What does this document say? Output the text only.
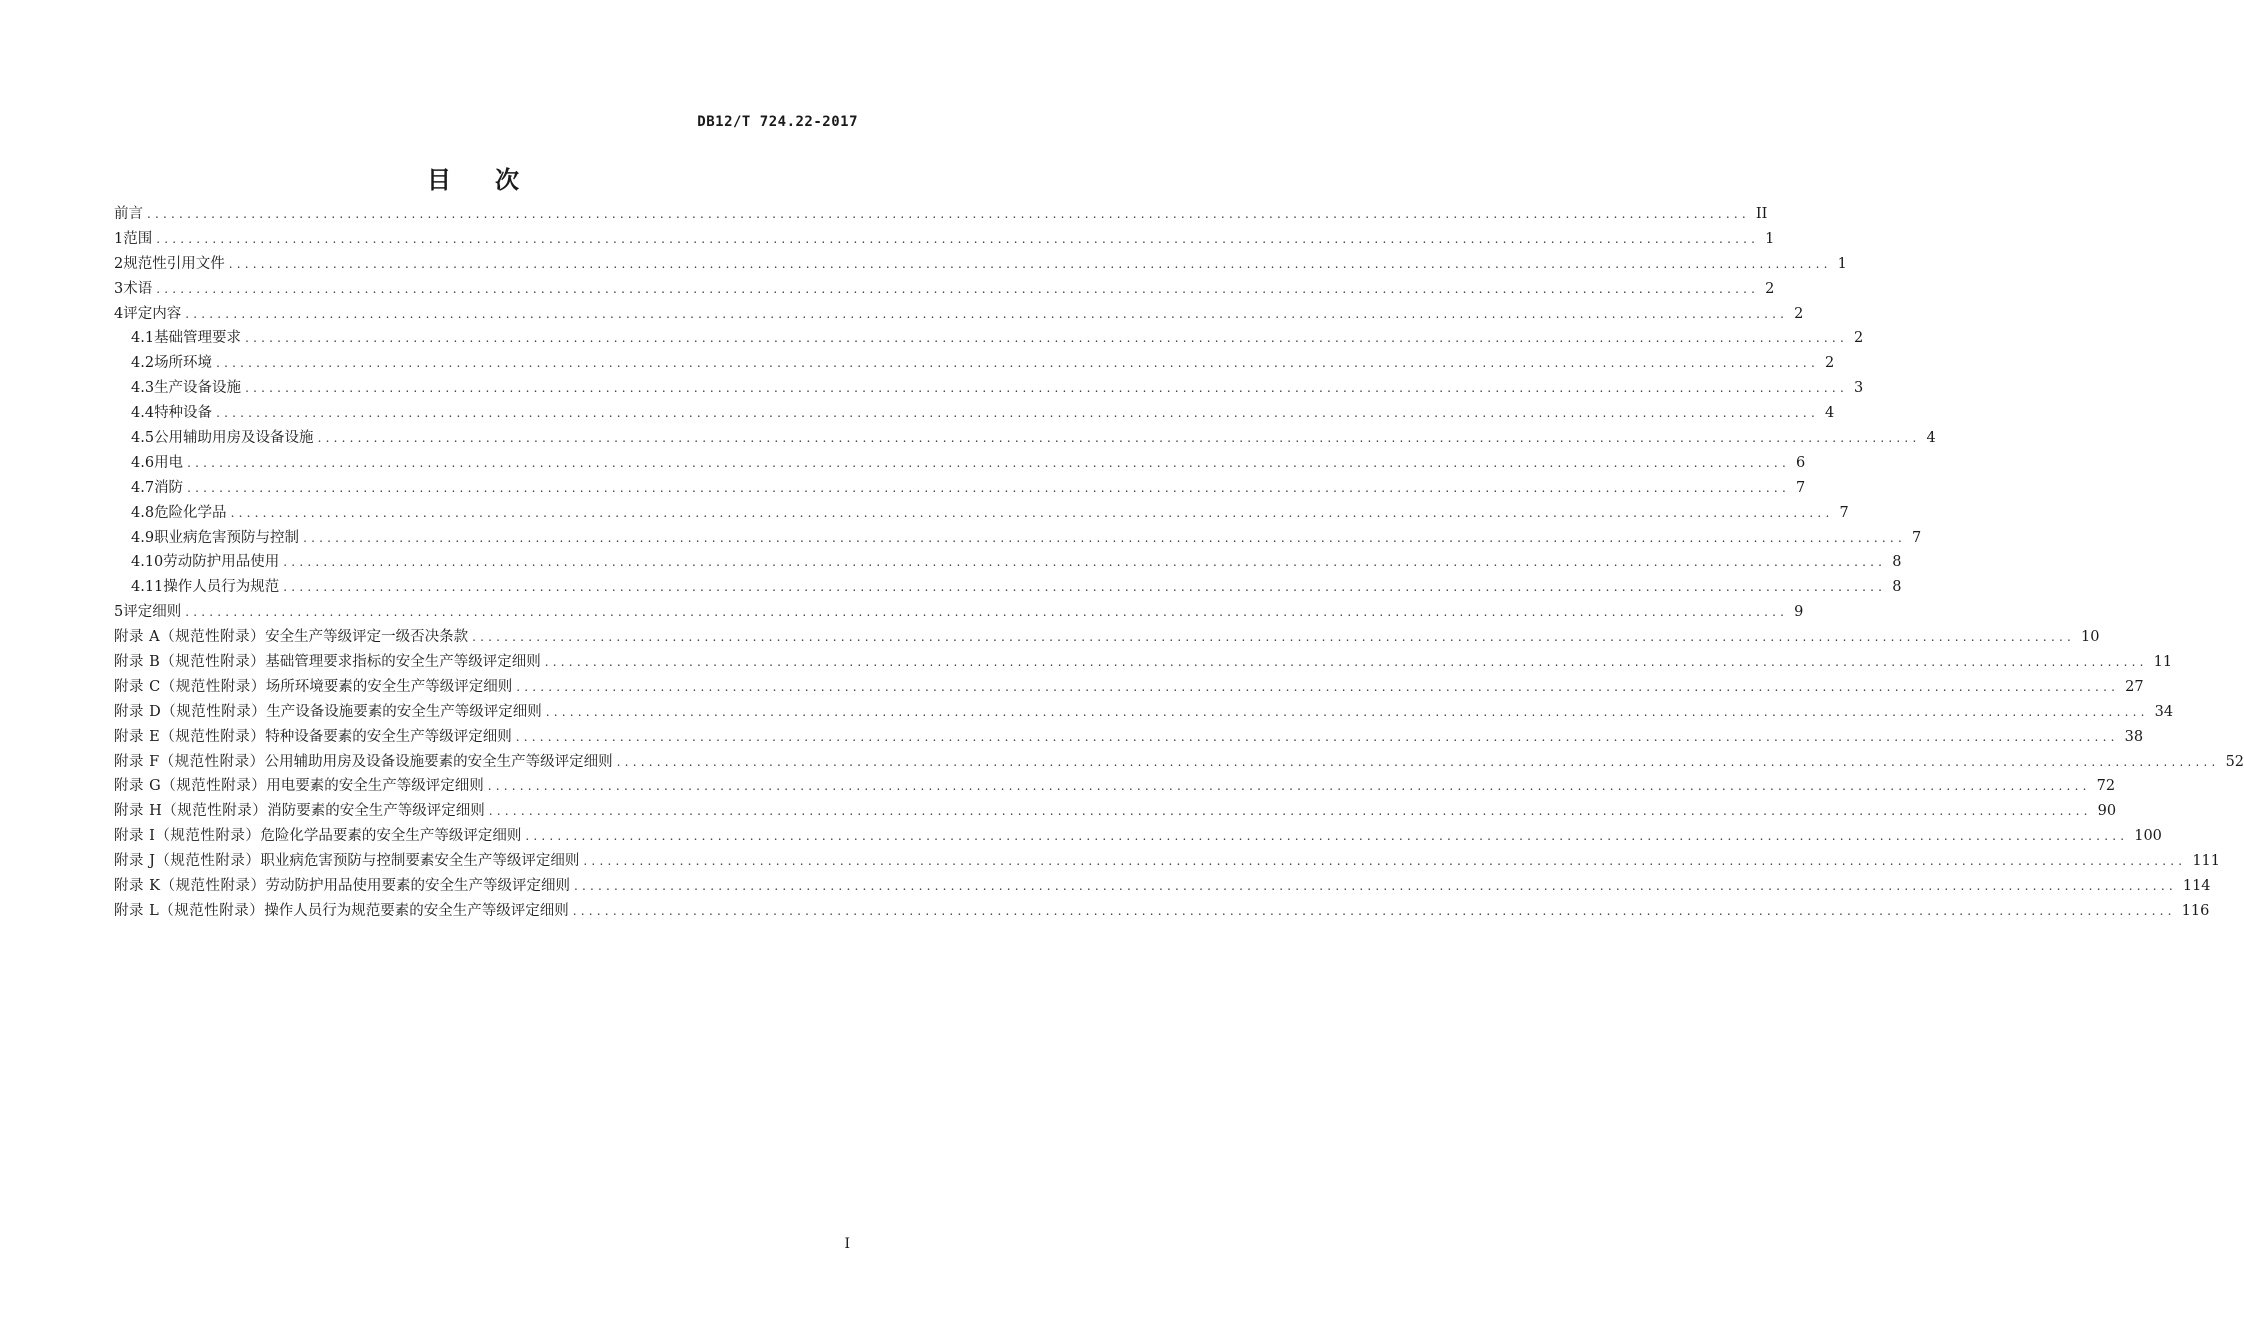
DB12/T 724.22-2017
目 次
前言 ........................................................................................................................................................................................................ II
1 范围 ........................................................................................................................................................................................................ 1
2 规范性引用文件 ........................................................................................................................................................................................................ 1
3 术语 ........................................................................................................................................................................................................ 2
4 评定内容 ........................................................................................................................................................................................................ 2
4.1 基础管理要求 ........................................................................................................................................................................................................ 2
4.2 场所环境 ........................................................................................................................................................................................................ 2
4.3 生产设备设施 ........................................................................................................................................................................................................ 3
4.4 特种设备 ........................................................................................................................................................................................................ 4
4.5 公用辅助用房及设备设施 ........................................................................................................................................................................................................ 4
4.6 用电 ........................................................................................................................................................................................................ 6
4.7 消防 ........................................................................................................................................................................................................ 7
4.8 危险化学品 ........................................................................................................................................................................................................ 7
4.9 职业病危害预防与控制 ........................................................................................................................................................................................................ 7
4.10 劳动防护用品使用 ........................................................................................................................................................................................................ 8
4.11 操作人员行为规范 ........................................................................................................................................................................................................ 8
5 评定细则 ........................................................................................................................................................................................................ 9
附录 A（规范性附录） 安全生产等级评定一级否决条款 ........................................................................................................................................................................................................ 10
附录 B（规范性附录） 基础管理要求指标的安全生产等级评定细则 ........................................................................................................................................................................................................ 11
附录 C（规范性附录） 场所环境要素的安全生产等级评定细则 ........................................................................................................................................................................................................ 27
附录 D（规范性附录） 生产设备设施要素的安全生产等级评定细则 ........................................................................................................................................................................................................ 34
附录 E（规范性附录） 特种设备要素的安全生产等级评定细则 ........................................................................................................................................................................................................ 38
附录 F（规范性附录） 公用辅助用房及设备设施要素的安全生产等级评定细则 ........................................................................................................................................................................................................ 52
附录 G（规范性附录） 用电要素的安全生产等级评定细则 ........................................................................................................................................................................................................ 72
附录 H（规范性附录） 消防要素的安全生产等级评定细则 ........................................................................................................................................................................................................ 90
附录 I（规范性附录） 危险化学品要素的安全生产等级评定细则 ........................................................................................................................................................................................................ 100
附录 J（规范性附录） 职业病危害预防与控制要素安全生产等级评定细则 ........................................................................................................................................................................................................ 111
附录 K（规范性附录） 劳动防护用品使用要素的安全生产等级评定细则 ........................................................................................................................................................................................................ 114
附录 L（规范性附录） 操作人员行为规范要素的安全生产等级评定细则 ........................................................................................................................................................................................................ 116
I
